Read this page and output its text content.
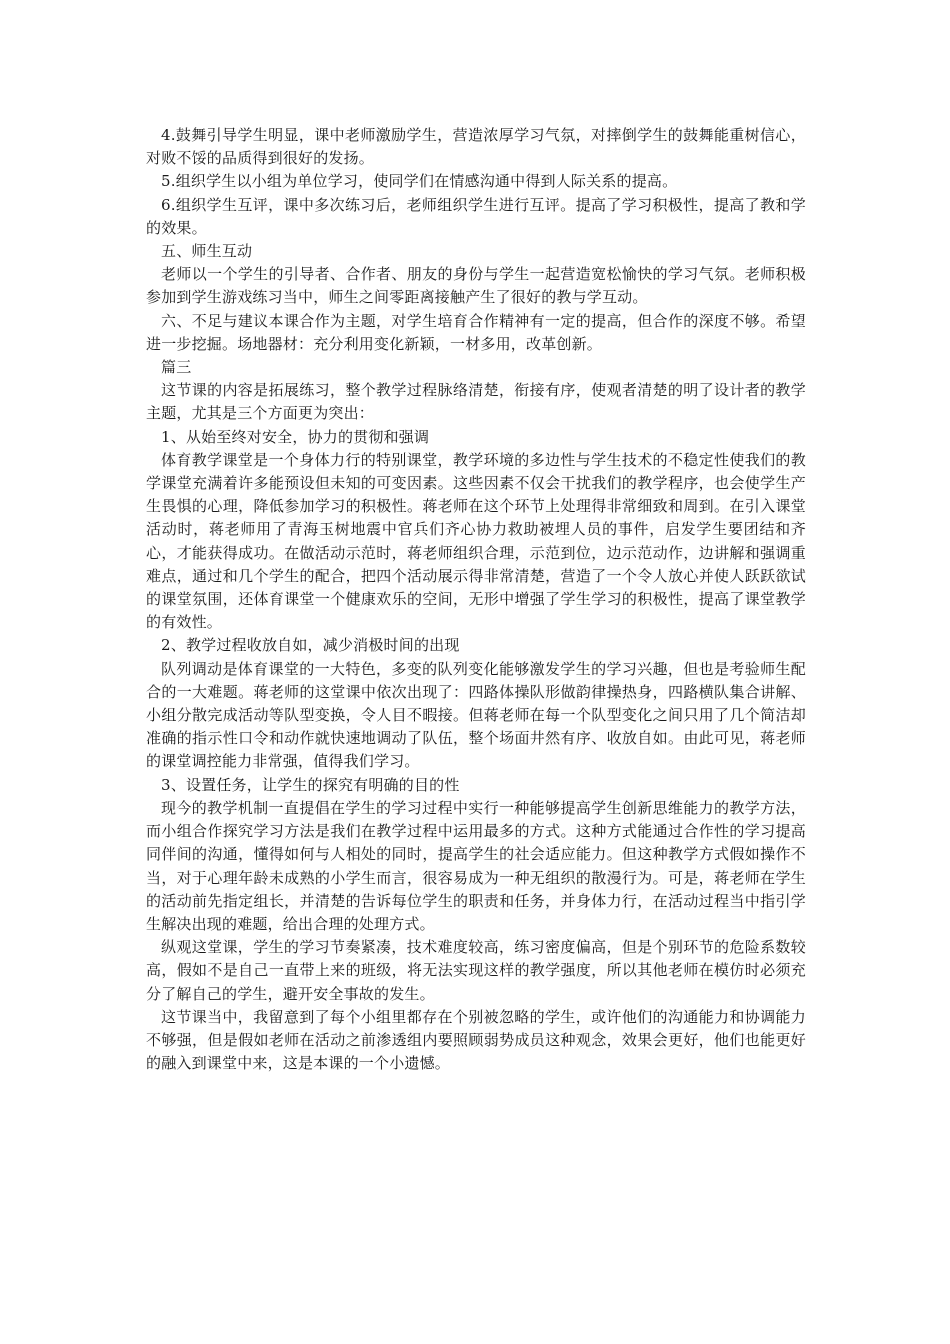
4.鼓舞引导学生明显，课中老师激励学生，营造浓厚学习气氛，对摔倒学生的鼓舞能重树信心，对败不馁的品质得到很好的发扬。

5.组织学生以小组为单位学习，使同学们在情感沟通中得到人际关系的提高。

6.组织学生互评，课中多次练习后，老师组织学生进行互评。提高了学习积极性，提高了教和学的效果。

五、师生互动

老师以一个学生的引导者、合作者、朋友的身份与学生一起营造宽松愉快的学习气氛。老师积极参加到学生游戏练习当中，师生之间零距离接触产生了很好的教与学互动。

六、不足与建议本课合作为主题，对学生培育合作精神有一定的提高，但合作的深度不够。希望进一步挖掘。场地器材：充分利用变化新颖，一材多用，改革创新。

篇三

这节课的内容是拓展练习，整个教学过程脉络清楚，衔接有序，使观者清楚的明了设计者的教学主题，尤其是三个方面更为突出：

1、从始至终对安全，协力的贯彻和强调

体育教学课堂是一个身体力行的特别课堂，教学环境的多边性与学生技术的不稳定性使我们的教学课堂充满着许多能预设但未知的可变因素。这些因素不仅会干扰我们的教学程序，也会使学生产生畏惧的心理，降低参加学习的积极性。蒋老师在这个环节上处理得非常细致和周到。在引入课堂活动时，蒋老师用了青海玉树地震中官兵们齐心协力救助被埋人员的事件，启发学生要团结和齐心，才能获得成功。在做活动示范时，蒋老师组织合理，示范到位，边示范动作，边讲解和强调重难点，通过和几个学生的配合，把四个活动展示得非常清楚，营造了一个令人放心并使人跃跃欲试的课堂氛围，还体育课堂一个健康欢乐的空间，无形中增强了学生学习的积极性，提高了课堂教学的有效性。

2、教学过程收放自如，减少消极时间的出现

队列调动是体育课堂的一大特色，多变的队列变化能够激发学生的学习兴趣，但也是考验师生配合的一大难题。蒋老师的这堂课中依次出现了：四路体操队形做韵律操热身，四路横队集合讲解、小组分散完成活动等队型变换，令人目不暇接。但蒋老师在每一个队型变化之间只用了几个简洁却准确的指示性口令和动作就快速地调动了队伍，整个场面井然有序、收放自如。由此可见，蒋老师的课堂调控能力非常强，值得我们学习。

3、设置任务，让学生的探究有明确的目的性

现今的教学机制一直提倡在学生的学习过程中实行一种能够提高学生创新思维能力的教学方法，而小组合作探究学习方法是我们在教学过程中运用最多的方式。这种方式能通过合作性的学习提高同伴间的沟通，懂得如何与人相处的同时，提高学生的社会适应能力。但这种教学方式假如操作不当，对于心理年龄未成熟的小学生而言，很容易成为一种无组织的散漫行为。可是，蒋老师在学生的活动前先指定组长，并清楚的告诉每位学生的职责和任务，并身体力行，在活动过程当中指引学生解决出现的难题，给出合理的处理方式。

纵观这堂课，学生的学习节奏紧凑，技术难度较高，练习密度偏高，但是个别环节的危险系数较高，假如不是自己一直带上来的班级，将无法实现这样的教学强度，所以其他老师在模仿时必须充分了解自己的学生，避开安全事故的发生。

这节课当中，我留意到了每个小组里都存在个别被忽略的学生，或许他们的沟通能力和协调能力不够强，但是假如老师在活动之前渗透组内要照顾弱势成员这种观念，效果会更好，他们也能更好的融入到课堂中来，这是本课的一个小遗憾。
